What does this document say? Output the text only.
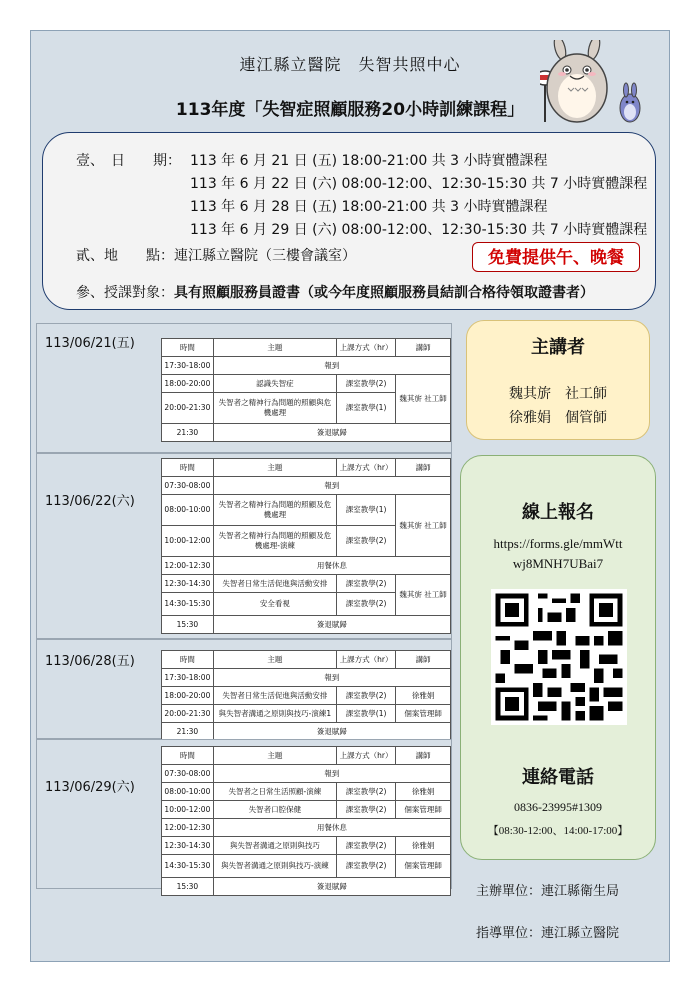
連江縣立醫院　失智共照中心
113年度「失智症照顧服務20小時訓練課程」
壹、　日　　期： 113 年 6 月 21 日 (五) 18:00-21:00 共 3 小時實體課程
113 年 6 月 22 日 (六) 08:00-12:00、12:30-15:30 共 7 小時實體課程
113 年 6 月 28 日 (五) 18:00-21:00 共 3 小時實體課程
113 年 6 月 29 日 (六) 08:00-12:00、12:30-15:30 共 7 小時實體課程
貳、地　　點： 連江縣立醫院（三樓會議室）
參、授課對象： 具有照顧服務員證書（或今年度照顧服務員結訓合格待領取證書者）
免費提供午、晚餐
113/06/21(五)	時間	主題	上課方式（hr）	講師
17:30-18:00	報到		
18:00-20:00	認識失智症	課室教學(2)	魏其旂 社工師
20:00-21:30	失智者之精神行為問題的照顧與危機處理	課室教學(1)	
21:30	簽退賦歸		
113/06/22(六)
時間	主題	上課方式（hr）	講師
07:30-08:00	報到		
08:00-10:00	失智者之精神行為問題的照顧及危機處理	課室教學(1)	魏其旂 社工師
10:00-12:00	失智者之精神行為問題的照顧及危機處理-演練	課室教學(2)	
12:00-12:30	用餐休息		
12:30-14:30	失智者日常生活促進與活動安排	課室教學(2)	魏其旂 社工師
14:30-15:30	安全看視	課室教學(2)	
15:30	簽退賦歸		
113/06/28(五)	時間	主題	上課方式（hr）	講師
17:30-18:00	報到		
18:00-20:00	失智者日常生活促進與活動安排	課室教學(2)	徐雅娟
20:00-21:30	與失智者溝通之原則與技巧-演練1	課室教學(1)	個案管理師
21:30	簽退賦歸		
113/06/29(六)
時間	主題	上課方式（hr）	講師
07:30-08:00	報到		
08:00-10:00	失智者之日常生活照顧-演練	課室教學(2)	徐雅娟
10:00-12:00	失智者口腔保健	課室教學(2)	個案管理師
12:00-12:30	用餐休息		
12:30-14:30	與失智者溝通之原則與技巧	課室教學(2)	徐雅娟
14:30-15:30	與失智者溝通之原則與技巧-演練	課室教學(2)	個案管理師
15:30	簽退賦歸		
主講者
魏其旂　社工師
徐雅娟　個管師
線上報名
https://forms.gle/mmWtt
wj8MNH7UBai7
連絡電話
0836-23995#1309
【08:30-12:00、14:00-17:00】
主辦單位：連江縣衛生局
指導單位：連江縣立醫院
